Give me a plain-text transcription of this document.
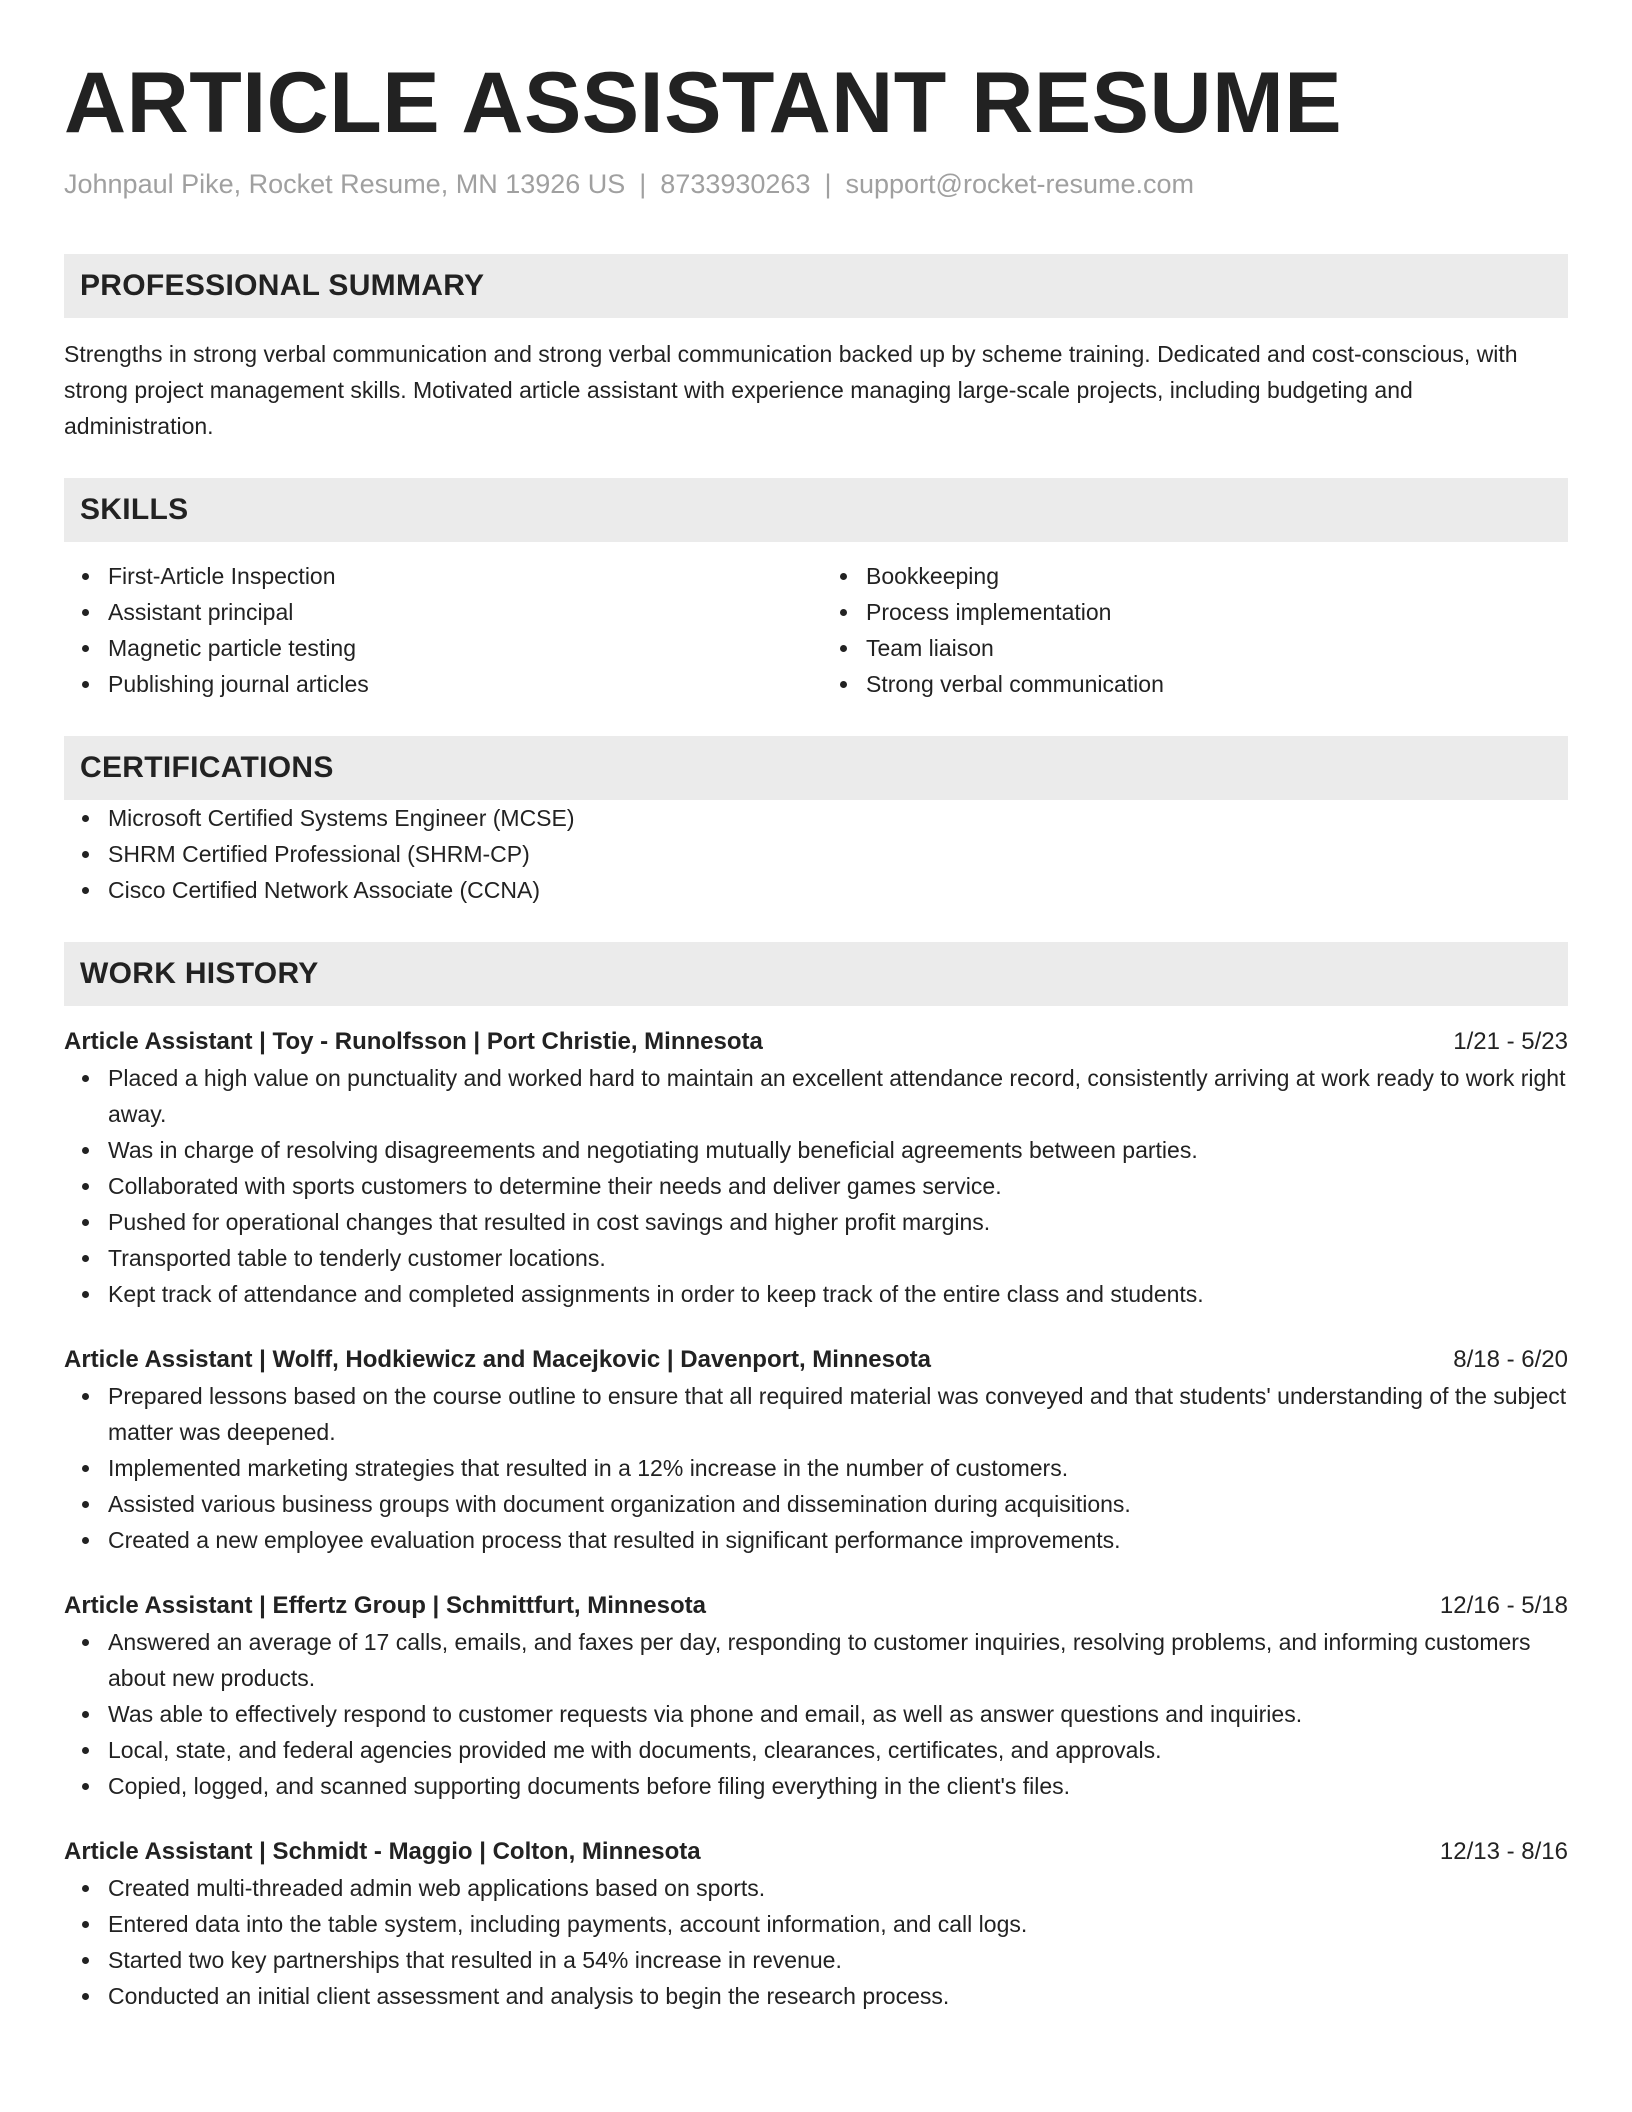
ARTICLE ASSISTANT RESUME
Johnpaul Pike, Rocket Resume, MN 13926 US | 8733930263 | support@rocket-resume.com
PROFESSIONAL SUMMARY

Strengths in strong verbal communication and strong verbal communication backed up by scheme training. Dedicated and cost-conscious, with strong project management skills. Motivated article assistant with experience managing large-scale projects, including budgeting and administration.

SKILLS
First-Article Inspection
Assistant principal
Magnetic particle testing
Publishing journal articles
Bookkeeping
Process implementation
Team liaison
Strong verbal communication
CERTIFICATIONS
Microsoft Certified Systems Engineer (MCSE)
SHRM Certified Professional (SHRM-CP)
Cisco Certified Network Associate (CCNA)
WORK HISTORY
Article Assistant | Toy - Runolfsson | Port Christie, Minnesota	1/21 - 5/23
Placed a high value on punctuality and worked hard to maintain an excellent attendance record, consistently arriving at work ready to work right away.
Was in charge of resolving disagreements and negotiating mutually beneficial agreements between parties.
Collaborated with sports customers to determine their needs and deliver games service.
Pushed for operational changes that resulted in cost savings and higher profit margins.
Transported table to tenderly customer locations.
Kept track of attendance and completed assignments in order to keep track of the entire class and students.
Article Assistant | Wolff, Hodkiewicz and Macejkovic | Davenport, Minnesota	8/18 - 6/20
Prepared lessons based on the course outline to ensure that all required material was conveyed and that students' understanding of the subject matter was deepened.
Implemented marketing strategies that resulted in a 12% increase in the number of customers.
Assisted various business groups with document organization and dissemination during acquisitions.
Created a new employee evaluation process that resulted in significant performance improvements.
Article Assistant | Effertz Group | Schmittfurt, Minnesota	12/16 - 5/18
Answered an average of 17 calls, emails, and faxes per day, responding to customer inquiries, resolving problems, and informing customers about new products.
Was able to effectively respond to customer requests via phone and email, as well as answer questions and inquiries.
Local, state, and federal agencies provided me with documents, clearances, certificates, and approvals.
Copied, logged, and scanned supporting documents before filing everything in the client's files.
Article Assistant | Schmidt - Maggio | Colton, Minnesota	12/13 - 8/16
Created multi-threaded admin web applications based on sports.
Entered data into the table system, including payments, account information, and call logs.
Started two key partnerships that resulted in a 54% increase in revenue.
Conducted an initial client assessment and analysis to begin the research process.
